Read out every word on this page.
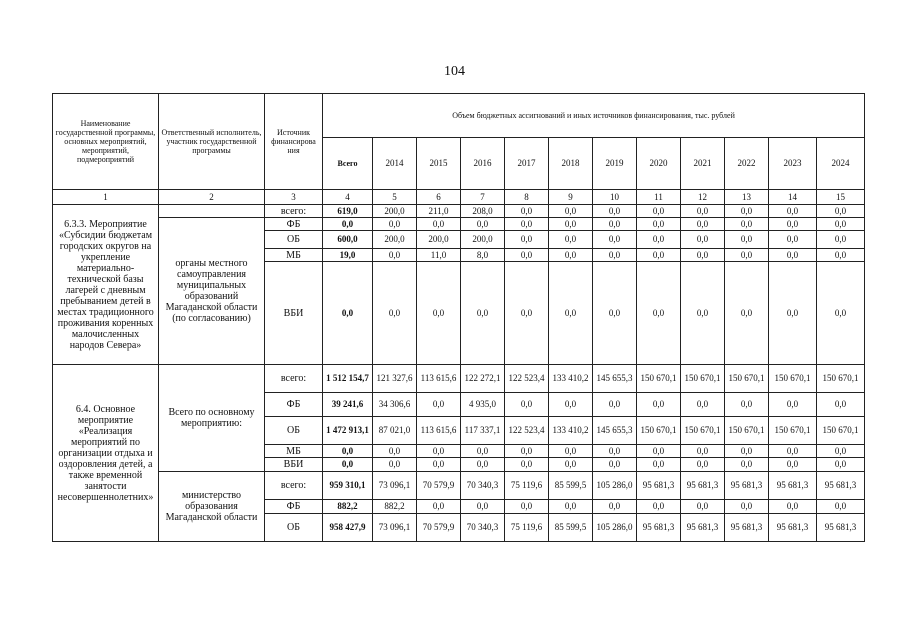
104
Наименование государственной программы, основных мероприятий, мероприятий, подмероприятий	Ответственный исполнитель, участник государственной программы	Источник финансирова ния	Объем бюджетных ассигнований и иных источников финансирования, тыс. рублей											
			Всего	2014	2015	2016	2017	2018	2019	2020	2021	2022	2023	2024
1	2	3	4	5	6	7	8	9	10	11	12	13	14	15
6.3.3. Мероприятие «Субсидии бюджетам городских округов на укрепление материально-технической базы лагерей с дневным пребыванием детей в местах традиционного проживания коренных малочисленных народов Севера»		всего:	619,0	200,0	211,0	208,0	0,0	0,0	0,0	0,0	0,0	0,0	0,0	0,0
	органы местного самоуправления муниципальных образований Магаданской области (по согласованию)	ФБ	0,0	0,0	0,0	0,0	0,0	0,0	0,0	0,0	0,0	0,0	0,0	0,0
		ОБ	600,0	200,0	200,0	200,0	0,0	0,0	0,0	0,0	0,0	0,0	0,0	0,0
		МБ	19,0	0,0	11,0	8,0	0,0	0,0	0,0	0,0	0,0	0,0	0,0	0,0
		ВБИ	0,0	0,0	0,0	0,0	0,0	0,0	0,0	0,0	0,0	0,0	0,0	0,0
6.4. Основное мероприятие «Реализация мероприятий по организации отдыха и оздоровления детей, а также временной занятости несовершеннолетних»	Всего по основному мероприятию:	всего:	1 512 154,7	121 327,6	113 615,6	122 272,1	122 523,4	133 410,2	145 655,3	150 670,1	150 670,1	150 670,1	150 670,1	150 670,1
		ФБ	39 241,6	34 306,6	0,0	4 935,0	0,0	0,0	0,0	0,0	0,0	0,0	0,0	0,0
		ОБ	1 472 913,1	87 021,0	113 615,6	117 337,1	122 523,4	133 410,2	145 655,3	150 670,1	150 670,1	150 670,1	150 670,1	150 670,1
		МБ	0,0	0,0	0,0	0,0	0,0	0,0	0,0	0,0	0,0	0,0	0,0	0,0
		ВБИ	0,0	0,0	0,0	0,0	0,0	0,0	0,0	0,0	0,0	0,0	0,0	0,0
	министерство образования Магаданской области	всего:	959 310,1	73 096,1	70 579,9	70 340,3	75 119,6	85 599,5	105 286,0	95 681,3	95 681,3	95 681,3	95 681,3	95 681,3
		ФБ	882,2	882,2	0,0	0,0	0,0	0,0	0,0	0,0	0,0	0,0	0,0	0,0
		ОБ	958 427,9	73 096,1	70 579,9	70 340,3	75 119,6	85 599,5	105 286,0	95 681,3	95 681,3	95 681,3	95 681,3	95 681,3
